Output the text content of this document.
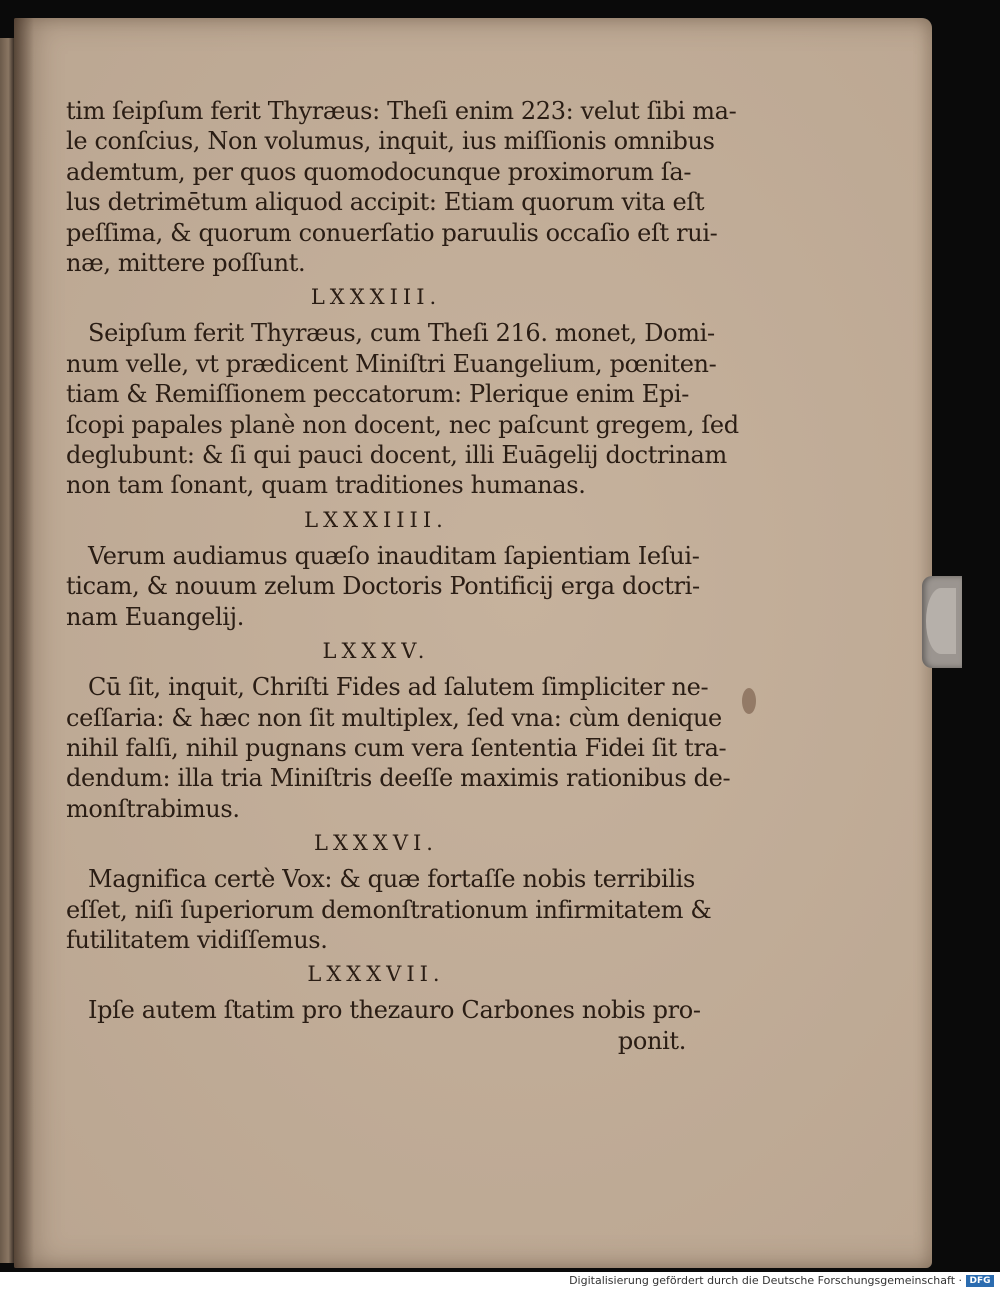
tim ſeipſum ferit Thyræus: Theſi enim 223: velut ſibi ma-
le conſcius, Non volumus, inquit, ius miſſionis omnibus
ademtum, per quos quomodocunque proximorum ſa-
lus detrimētum aliquod accipit: Etiam quorum vita eſt
peſſima, & quorum conuerſatio paruulis occaſio eſt rui-
næ, mittere poſſunt.
LXXXIII.
Seipſum ferit Thyræus, cum Theſi 216. monet, Domi-
num velle, vt prædicent Miniſtri Euangelium, pœniten-
tiam & Remiſſionem peccatorum: Plerique enim Epi-
ſcopi papales planè non docent, nec paſcunt gregem, ſed
deglubunt: & ſi qui pauci docent, illi Euāgelij doctrinam
non tam ſonant, quam traditiones humanas.
LXXXIIII.
Verum audiamus quæſo inauditam ſapientiam Ieſui-
ticam, & nouum zelum Doctoris Pontificij erga doctri-
nam Euangelij.
LXXXV.
Cū ſit, inquit, Chriſti Fides ad ſalutem ſimpliciter ne-
ceſſaria: & hæc non ſit multiplex, ſed vna: cùm denique
nihil falſi, nihil pugnans cum vera ſententia Fidei ſit tra-
dendum: illa tria Miniſtris deeſſe maximis rationibus de-
monſtrabimus.
LXXXVI.
Magnifica certè Vox: & quæ fortaſſe nobis terribilis
eſſet, niſi ſuperiorum demonſtrationum infirmitatem &
futilitatem vidiſſemus.
LXXXVII.
Ipſe autem ſtatim pro thezauro Carbones nobis pro-
ponit.
Digitalisierung gefördert durch die Deutsche Forschungsgemeinschaft · DFG
